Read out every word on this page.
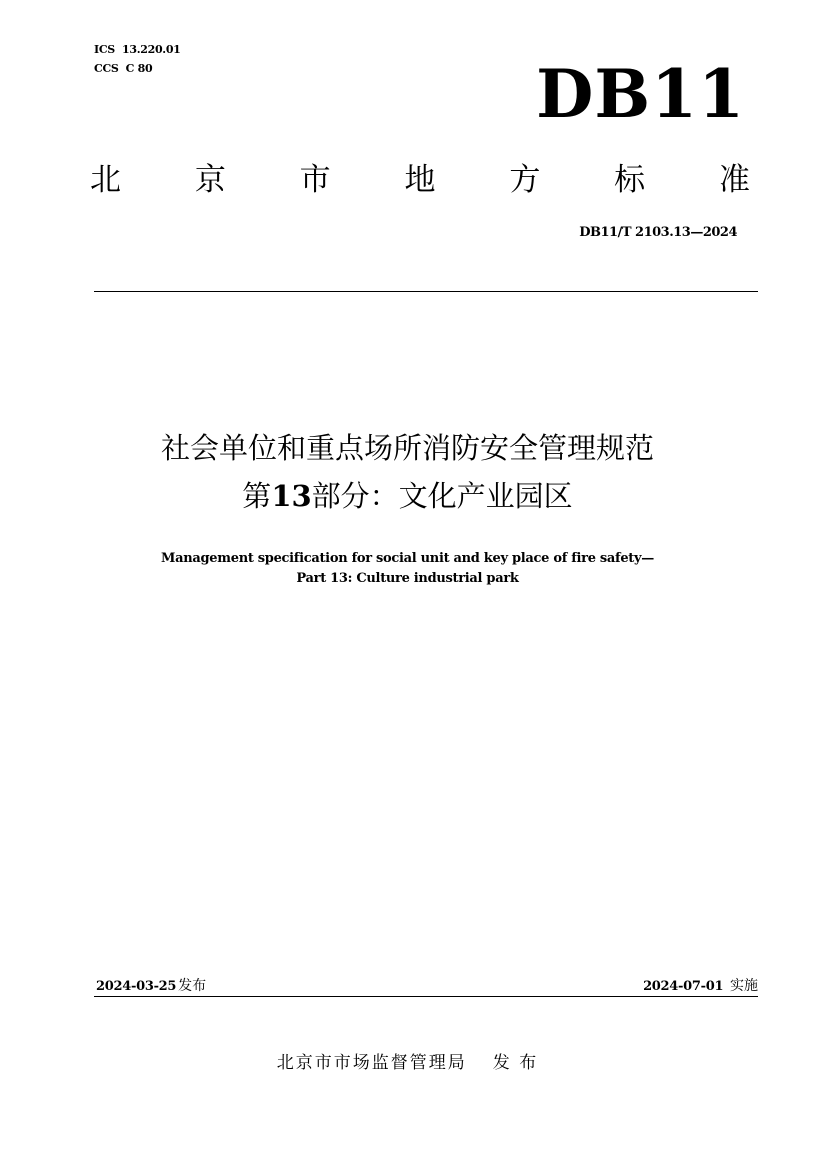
ICS  13.220.01
CCS  C 80	DB11
北 京 市 地 方 标 准
DB11/T 2103.13—2024
社会单位和重点场所消防安全管理规范
第13部分：文化产业园区
Management specification for social unit and key place of fire safety—
Part 13: Culture industrial park
2024-03-25 发布	2024-07-01 实施
北京市市场监督管理局 发 布
